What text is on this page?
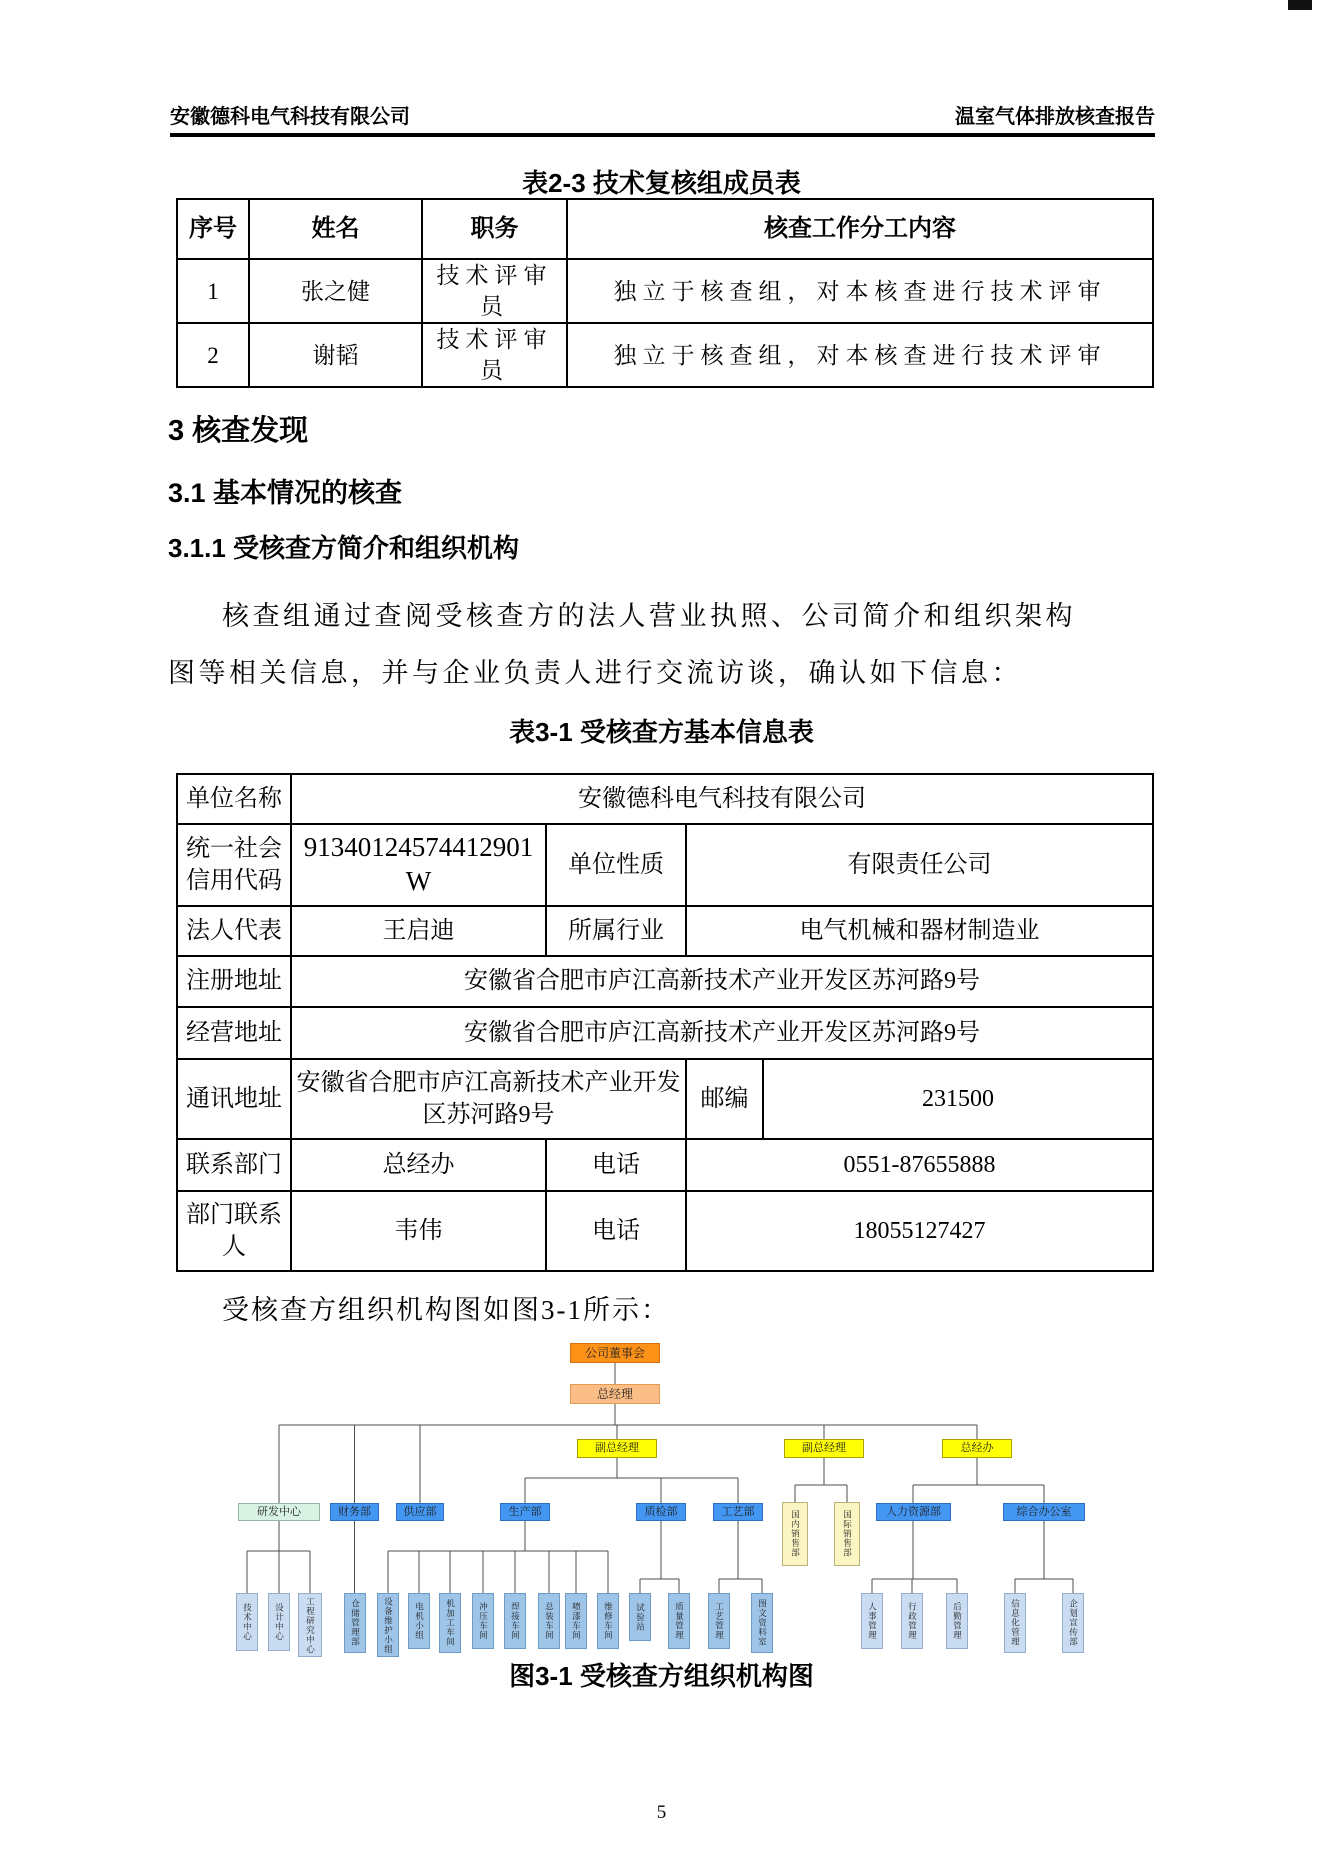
安徽德科电气科技有限公司	温室气体排放核查报告
表2-3 技术复核组成员表
序号	姓名	职务	核查工作分工内容
1	张之健	技术评审员	独立于核查组，对本核查进行技术评审
2	谢韬	技术评审员	独立于核查组，对本核查进行技术评审
3 核查发现
3.1 基本情况的核查
3.1.1 受核查方简介和组织机构
核查组通过查阅受核查方的法人营业执照、公司简介和组织架构
图等相关信息，并与企业负责人进行交流访谈，确认如下信息：
表3-1 受核查方基本信息表
单位名称	安徽德科电气科技有限公司			
统一社会信用代码	91340124574412901W	单位性质	有限责任公司	
法人代表	王启迪	所属行业	电气机械和器材制造业	
注册地址	安徽省合肥市庐江高新技术产业开发区苏河路9号			
经营地址	安徽省合肥市庐江高新技术产业开发区苏河路9号			
通讯地址	安徽省合肥市庐江高新技术产业开发区苏河路9号		邮编	231500
联系部门	总经办	电话	0551-87655888	
部门联系人	韦伟	电话	18055127427	
受核查方组织机构图如图3-1所示：
公司董事会
总经理
副总经理	副总经理	总经办
研发中心	财务部	供应部	生产部	质检部	工艺部	国内销售部	国际销售部	人力资源部	综合办公室
技术中心	设计中心	工程研究中心	仓储管理部	设备维护小组	电机小组	机加工车间	冲压车间	焊接车间	总装车间	喷漆车间	维修车间	试验站	质量管理	工艺管理	图文资料室	人事管理	行政管理	后勤管理	信息化管理	企划宣传部
图3-1 受核查方组织机构图
5
